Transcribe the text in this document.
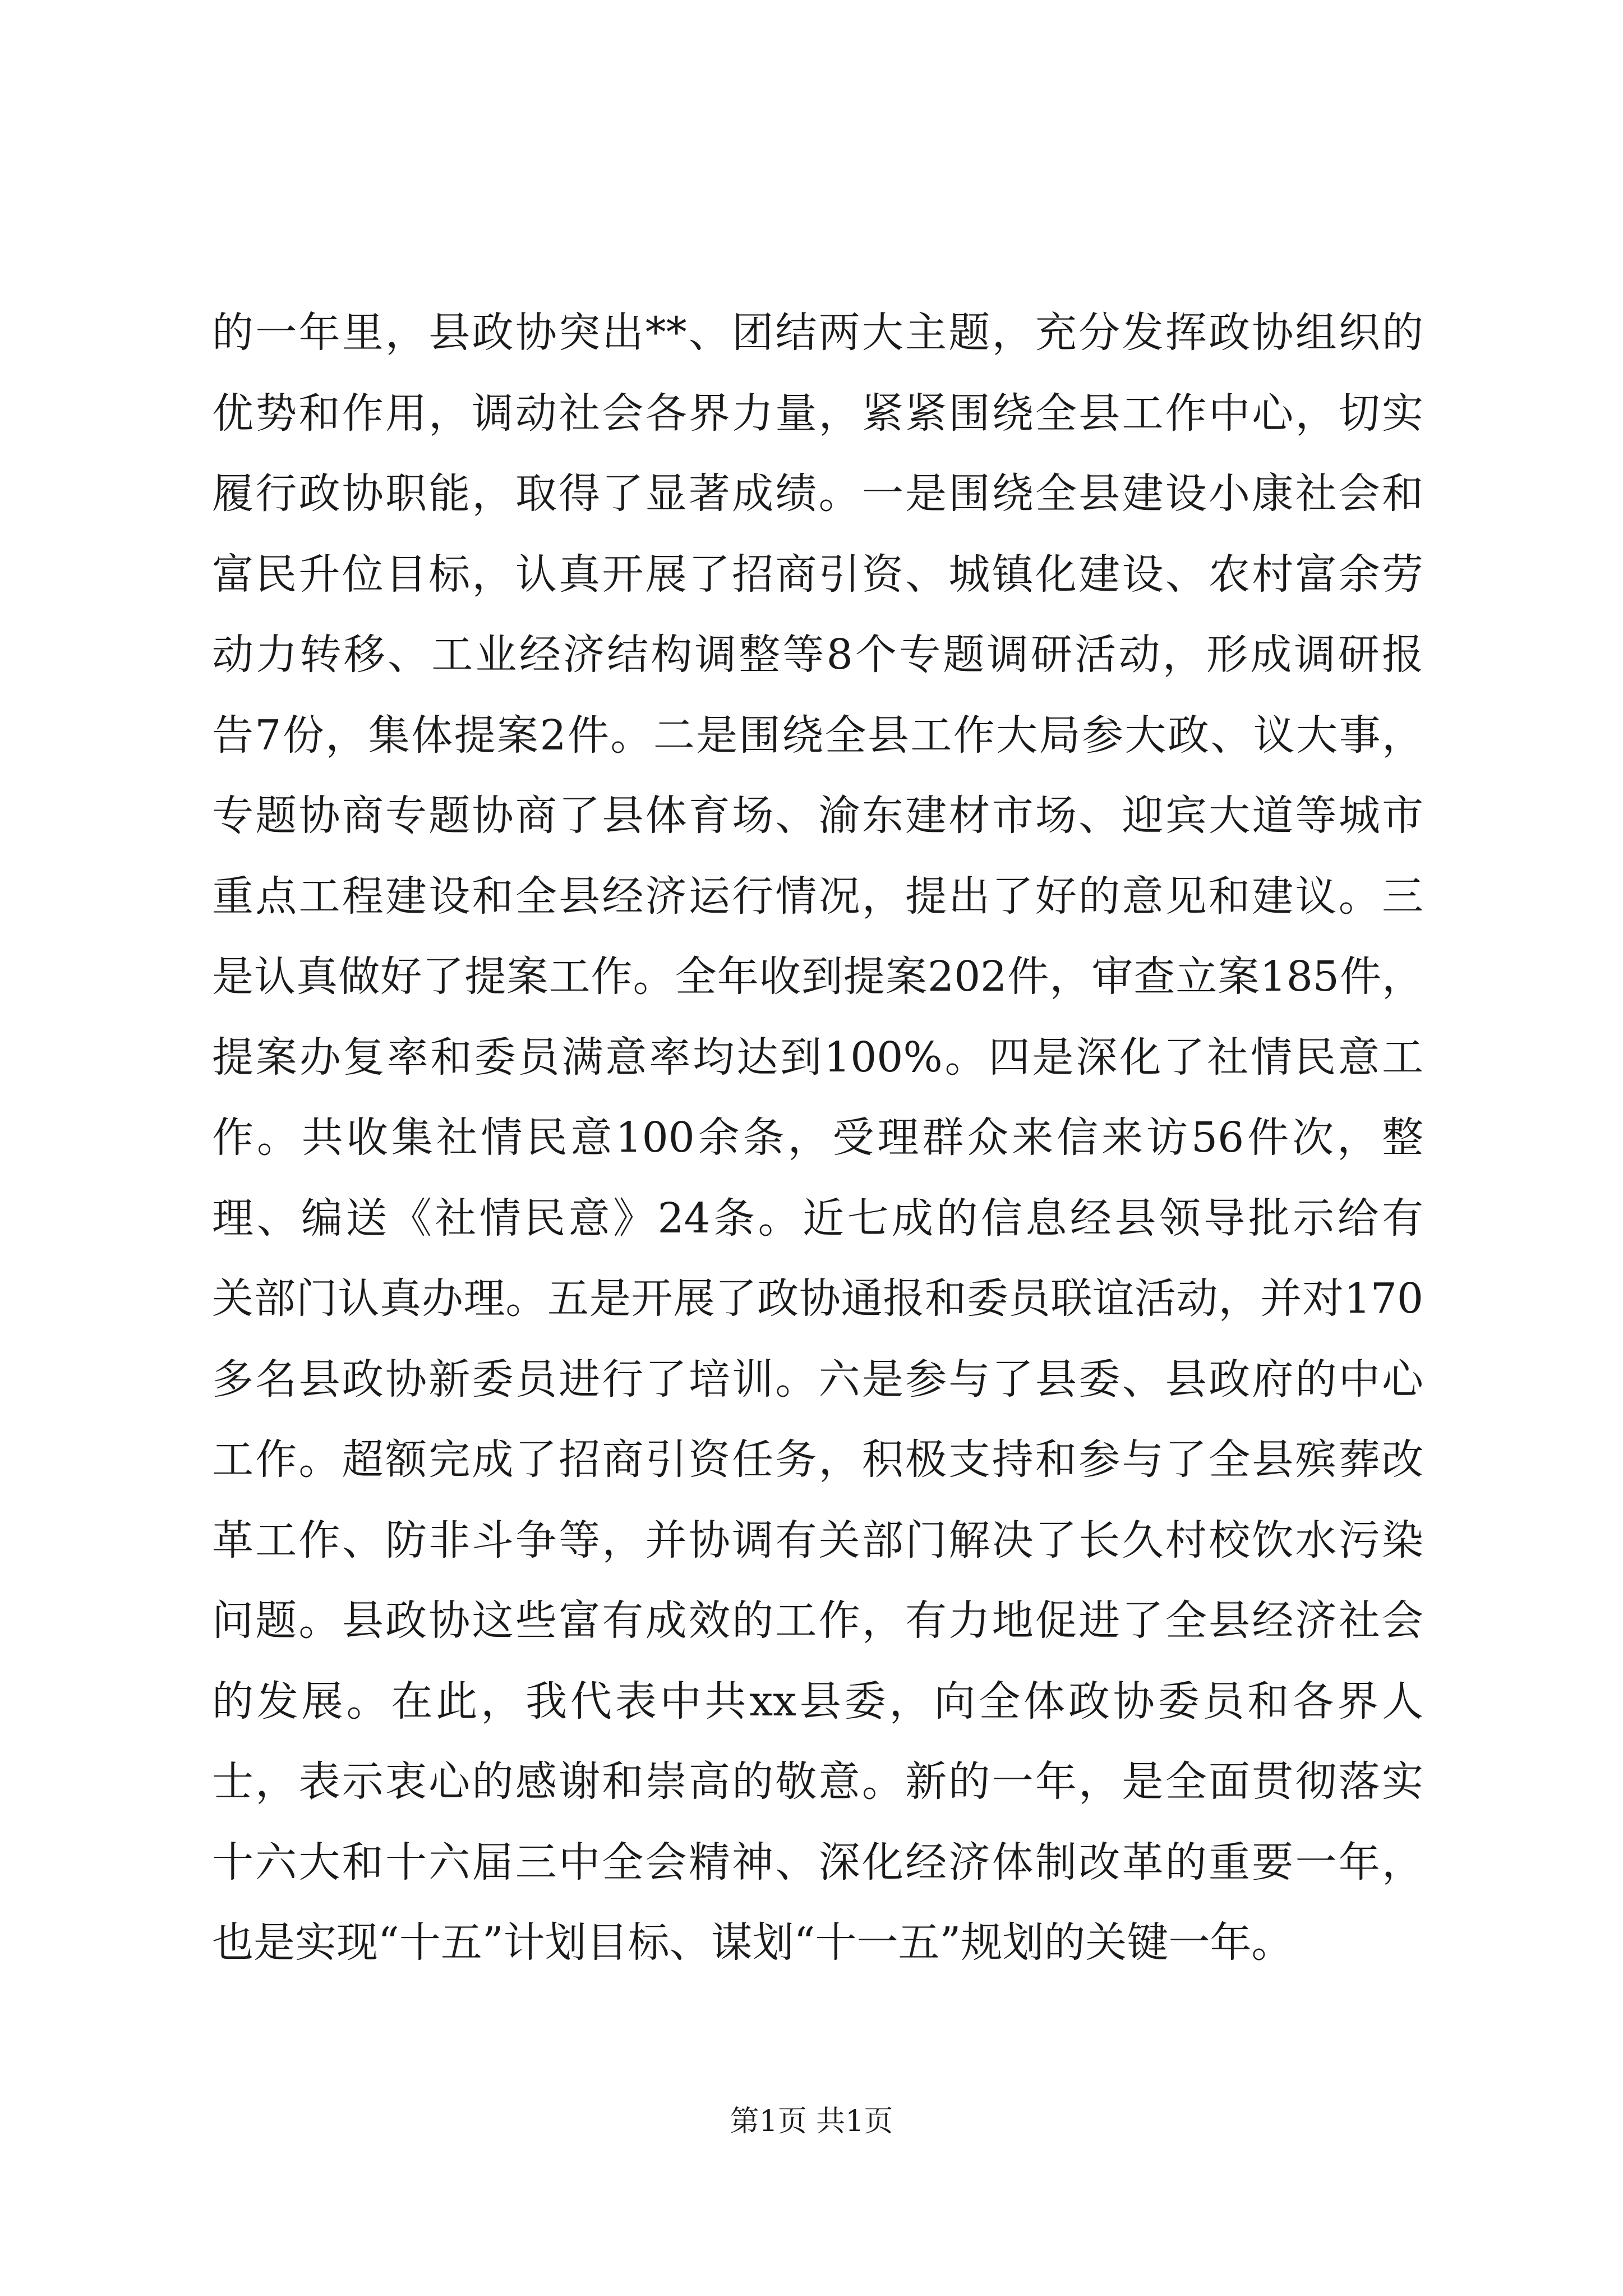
的一年里，县政协突出**、团结两大主题，充分发挥政协组织的
优势和作用，调动社会各界力量，紧紧围绕全县工作中心，切实
履行政协职能，取得了显著成绩。一是围绕全县建设小康社会和
富民升位目标，认真开展了招商引资、城镇化建设、农村富余劳
动力转移、工业经济结构调整等8个专题调研活动，形成调研报
告7份，集体提案2件。二是围绕全县工作大局参大政、议大事，
专题协商专题协商了县体育场、渝东建材市场、迎宾大道等城市
重点工程建设和全县经济运行情况，提出了好的意见和建议。三
是认真做好了提案工作。全年收到提案202件，审查立案185件，
提案办复率和委员满意率均达到100%。四是深化了社情民意工
作。共收集社情民意100余条，受理群众来信来访56件次，整
理、编送《社情民意》24条。近七成的信息经县领导批示给有
关部门认真办理。五是开展了政协通报和委员联谊活动，并对170
多名县政协新委员进行了培训。六是参与了县委、县政府的中心
工作。超额完成了招商引资任务，积极支持和参与了全县殡葬改
革工作、防非斗争等，并协调有关部门解决了长久村校饮水污染
问题。县政协这些富有成效的工作，有力地促进了全县经济社会
的发展。在此，我代表中共xx县委，向全体政协委员和各界人
士，表示衷心的感谢和崇高的敬意。新的一年，是全面贯彻落实
十六大和十六届三中全会精神、深化经济体制改革的重要一年，
也是实现“十五”计划目标、谋划“十一五”规划的关键一年。
第1页 共1页
